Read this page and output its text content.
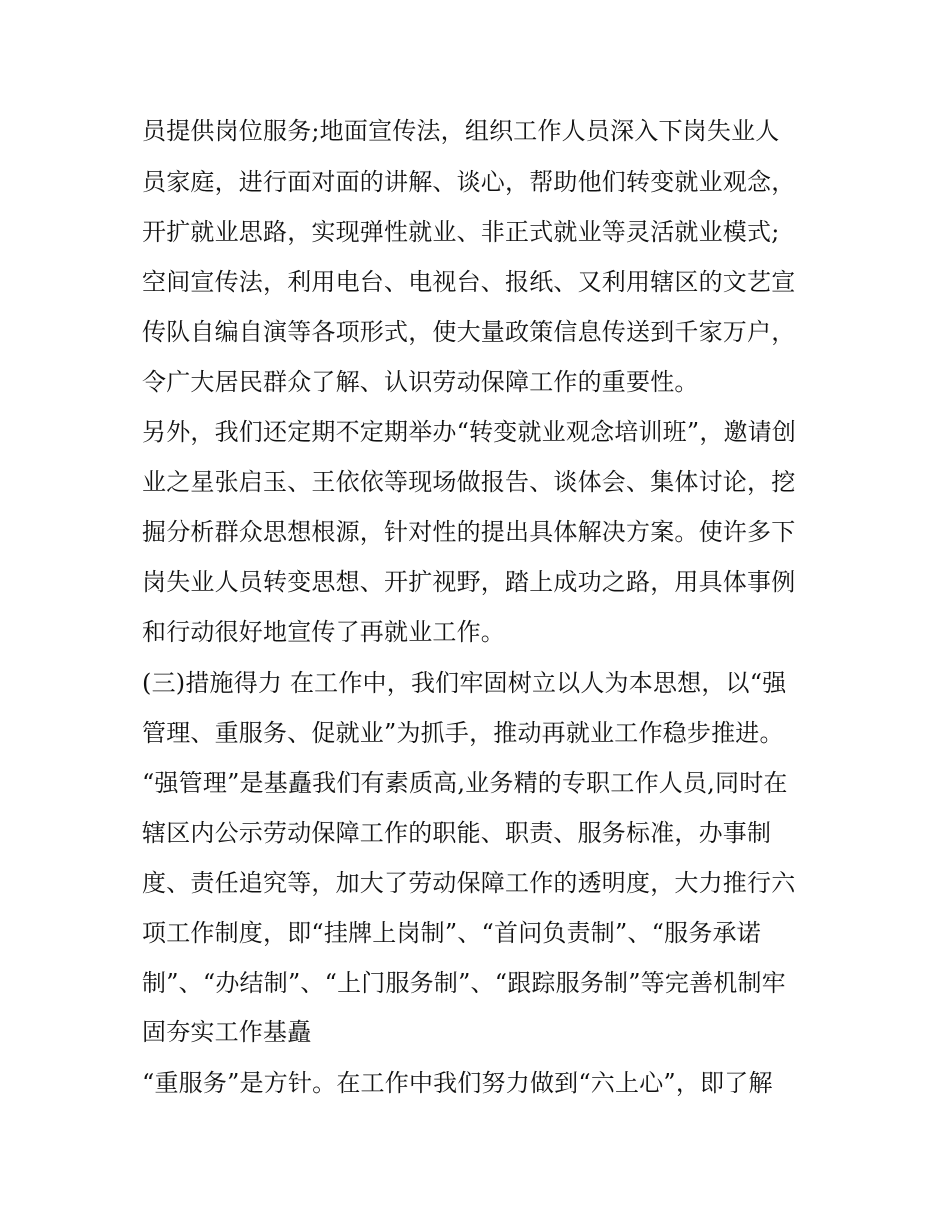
员提供岗位服务;地面宣传法，组织工作人员深入下岗失业人
员家庭，进行面对面的讲解、谈心，帮助他们转变就业观念，
开扩就业思路，实现弹性就业、非正式就业等灵活就业模式;
空间宣传法，利用电台、电视台、报纸、又利用辖区的文艺宣
传队自编自演等各项形式，使大量政策信息传送到千家万户，
令广大居民群众了解、认识劳动保障工作的重要性。
另外，我们还定期不定期举办“转变就业观念培训班”，邀请创
业之星张启玉、王依依等现场做报告、谈体会、集体讨论，挖
掘分析群众思想根源，针对性的提出具体解决方案。使许多下
岗失业人员转变思想、开扩视野，踏上成功之路，用具体事例
和行动很好地宣传了再就业工作。
(三)措施得力 在工作中，我们牢固树立以人为本思想，以“强
管理、重服务、促就业”为抓手，推动再就业工作稳步推进。
“强管理”是基矗我们有素质高,业务精的专职工作人员,同时在
辖区内公示劳动保障工作的职能、职责、服务标准，办事制
度、责任追究等，加大了劳动保障工作的透明度，大力推行六
项工作制度，即“挂牌上岗制”、“首问负责制”、“服务承诺
制”、“办结制”、“上门服务制”、“跟踪服务制”等完善机制牢
固夯实工作基矗
“重服务”是方针。在工作中我们努力做到“六上心”，即了解
